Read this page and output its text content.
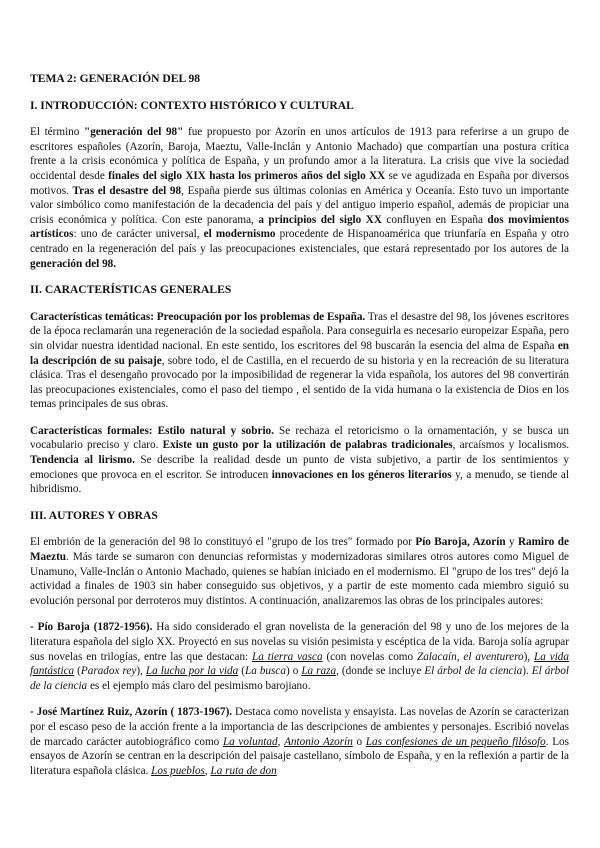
TEMA 2: GENERACIÓN DEL 98
I. INTRODUCCIÓN: CONTEXTO HISTÓRICO Y CULTURAL

El término "generación del 98" fue propuesto por Azorín en unos artículos de 1913 para referirse a un grupo de escritores españoles (Azorín, Baroja, Maeztu, Valle-Inclán y Antonio Machado) que compartían una postura crítica frente a la crisis económica y política de España, y un profundo amor a la literatura. La crisis que vive la sociedad occidental desde finales del siglo XIX hasta los primeros años del siglo XX se ve agudizada en España por diversos motivos. Tras el desastre del 98, España pierde sus últimas colonias en América y Oceanía. Esto tuvo un importante valor simbólico como manifestación de la decadencia del país y del antiguo imperio español, además de propiciar una crisis económica y política. Con este panorama, a principios del siglo XX confluyen en España dos movimientos artísticos: uno de carácter universal, el modernismo procedente de Hispanoamérica que triunfaría en España y otro centrado en la regeneración del país y las preocupaciones existenciales, que estará representado por los autores de la generación del 98.

II. CARACTERÍSTICAS GENERALES

Características temáticas: Preocupación por los problemas de España. Tras el desastre del 98, los jóvenes escritores de la época reclamarán una regeneración de la sociedad española. Para conseguirla es necesario europeizar España, pero sin olvidar nuestra identidad nacional. En este sentido, los escritores del 98 buscarán la esencia del alma de España en la descripción de su paisaje, sobre todo, el de Castilla, en el recuerdo de su historia y en la recreación de su literatura clásica. Tras el desengaño provocado por la imposibilidad de regenerar la vida española, los autores del 98 convertirán las preocupaciones existenciales, como el paso del tiempo , el sentido de la vida humana o la existencia de Dios en los temas principales de sus obras.

Características formales: Estilo natural y sobrio. Se rechaza el retoricismo o la ornamentación, y se busca un vocabulario preciso y claro. Existe un gusto por la utilización de palabras tradicionales, arcaísmos y localismos. Tendencia al lirismo. Se describe la realidad desde un punto de vista subjetivo, a partir de los sentimientos y emociones que provoca en el escritor. Se introducen innovaciones en los géneros literarios y, a menudo, se tiende al hibridismo.

III. AUTORES Y OBRAS

El embrión de la generación del 98 lo constituyó el "grupo de los tres" formado por Pío Baroja, Azorín y Ramiro de Maeztu. Más tarde se sumaron con denuncias reformistas y modernizadoras similares otros autores como Miguel de Unamuno, Valle-Inclán o Antonio Machado, quienes se habían iniciado en el modernismo. El "grupo de los tres" dejó la actividad a finales de 1903 sin haber conseguido sus objetivos, y a partir de este momento cada miembro siguió su evolución personal por derroteros muy distintos. A continuación, analizaremos las obras de los principales autores:

- Pío Baroja (1872-1956). Ha sido considerado el gran novelista de la generación del 98 y uno de los mejores de la literatura española del siglo XX. Proyectó en sus novelas su visión pesimista y escéptica de la vida. Baroja solía agrupar sus novelas en trilogías, entre las que destacan: La tierra vasca (con novelas como Zalacaín, el aventurero), La vida fantástica (Paradox rey), La lucha por la vida (La busca) o La raza, (donde se incluye El árbol de la ciencia). El árbol de la ciencia es el ejemplo más claro del pesimismo barojiano.

- José Martínez Ruiz, Azorín ( 1873-1967). Destaca como novelista y ensayista. Las novelas de Azorín se caracterizan por el escaso peso de la acción frente a la importancia de las descripciones de ambientes y personajes. Escribió novelas de marcado carácter autobiográfico como La voluntad, Antonio Azorín o Las confesiones de un pequeño filósofo. Los ensayos de Azorín se centran en la descripción del paisaje castellano, símbolo de España, y en la reflexión a partir de la literatura española clásica. Los pueblos, La ruta de don
